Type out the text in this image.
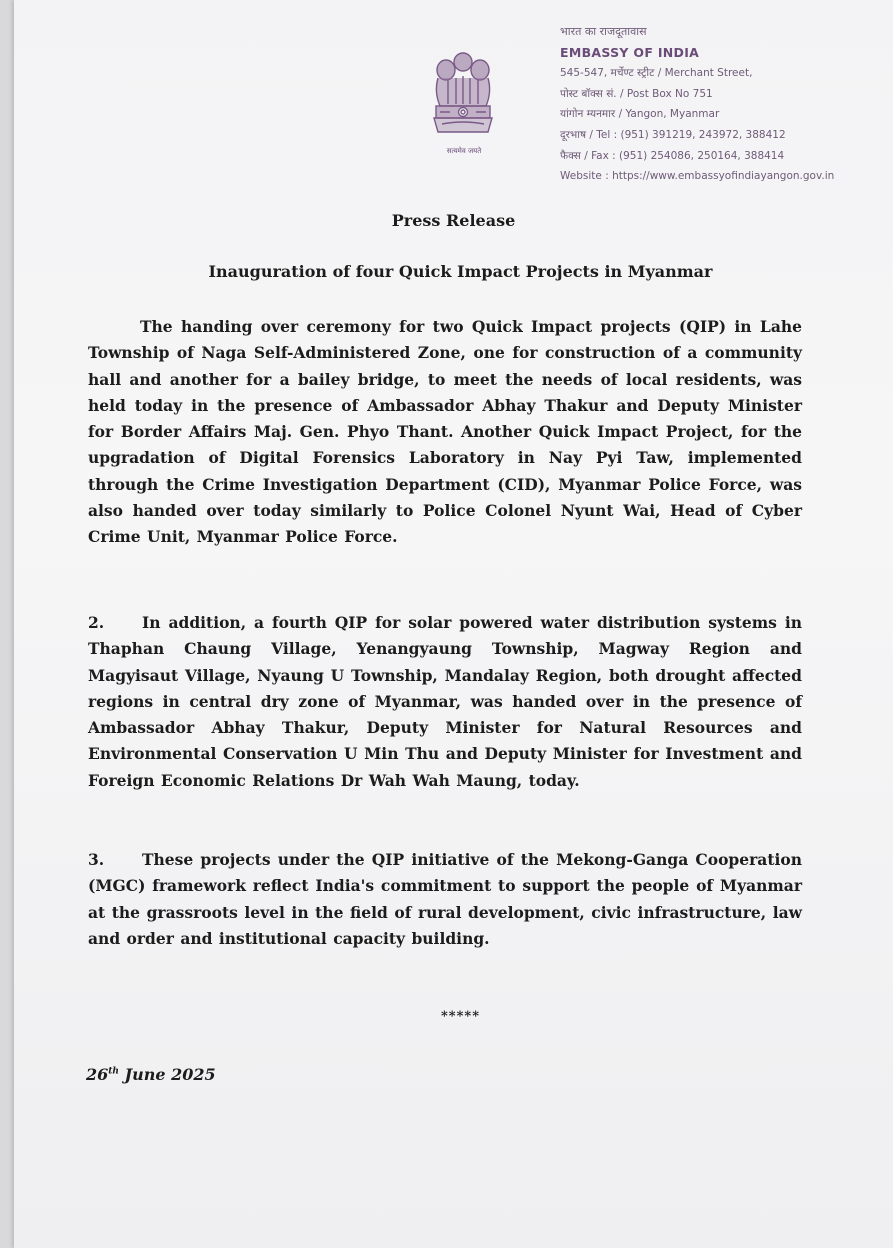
सत्यमेव जयते
भारत का राजदूतावास
EMBASSY OF INDIA
545-547, मर्चेण्ट स्ट्रीट / Merchant Street,
पोस्ट बॉक्स सं. / Post Box No 751
यांगोन म्यनमार / Yangon, Myanmar
दूरभाष / Tel : (951) 391219, 243972, 388412
फैक्स / Fax : (951) 254086, 250164, 388414
Website : https://www.embassyofindiayangon.gov.in
Press Release
Inauguration of four Quick Impact Projects in Myanmar
The handing over ceremony for two Quick Impact projects (QIP) in Lahe Township of Naga Self-Administered Zone, one for construction of a community hall and another for a bailey bridge, to meet the needs of local residents, was held today in the presence of Ambassador Abhay Thakur and Deputy Minister for Border Affairs Maj. Gen. Phyo Thant. Another Quick Impact Project, for the upgradation of Digital Forensics Laboratory in Nay Pyi Taw, implemented through the Crime Investigation Department (CID), Myanmar Police Force, was also handed over today similarly to Police Colonel Nyunt Wai, Head of Cyber Crime Unit, Myanmar Police Force.
2. In addition, a fourth QIP for solar powered water distribution systems in Thaphan Chaung Village, Yenangyaung Township, Magway Region and Magyisaut Village, Nyaung U Township, Mandalay Region, both drought affected regions in central dry zone of Myanmar, was handed over in the presence of Ambassador Abhay Thakur, Deputy Minister for Natural Resources and Environmental Conservation U Min Thu and Deputy Minister for Investment and Foreign Economic Relations Dr Wah Wah Maung, today.
3. These projects under the QIP initiative of the Mekong-Ganga Cooperation (MGC) framework reflect India's commitment to support the people of Myanmar at the grassroots level in the field of rural development, civic infrastructure, law and order and institutional capacity building.
*****
26th June 2025
